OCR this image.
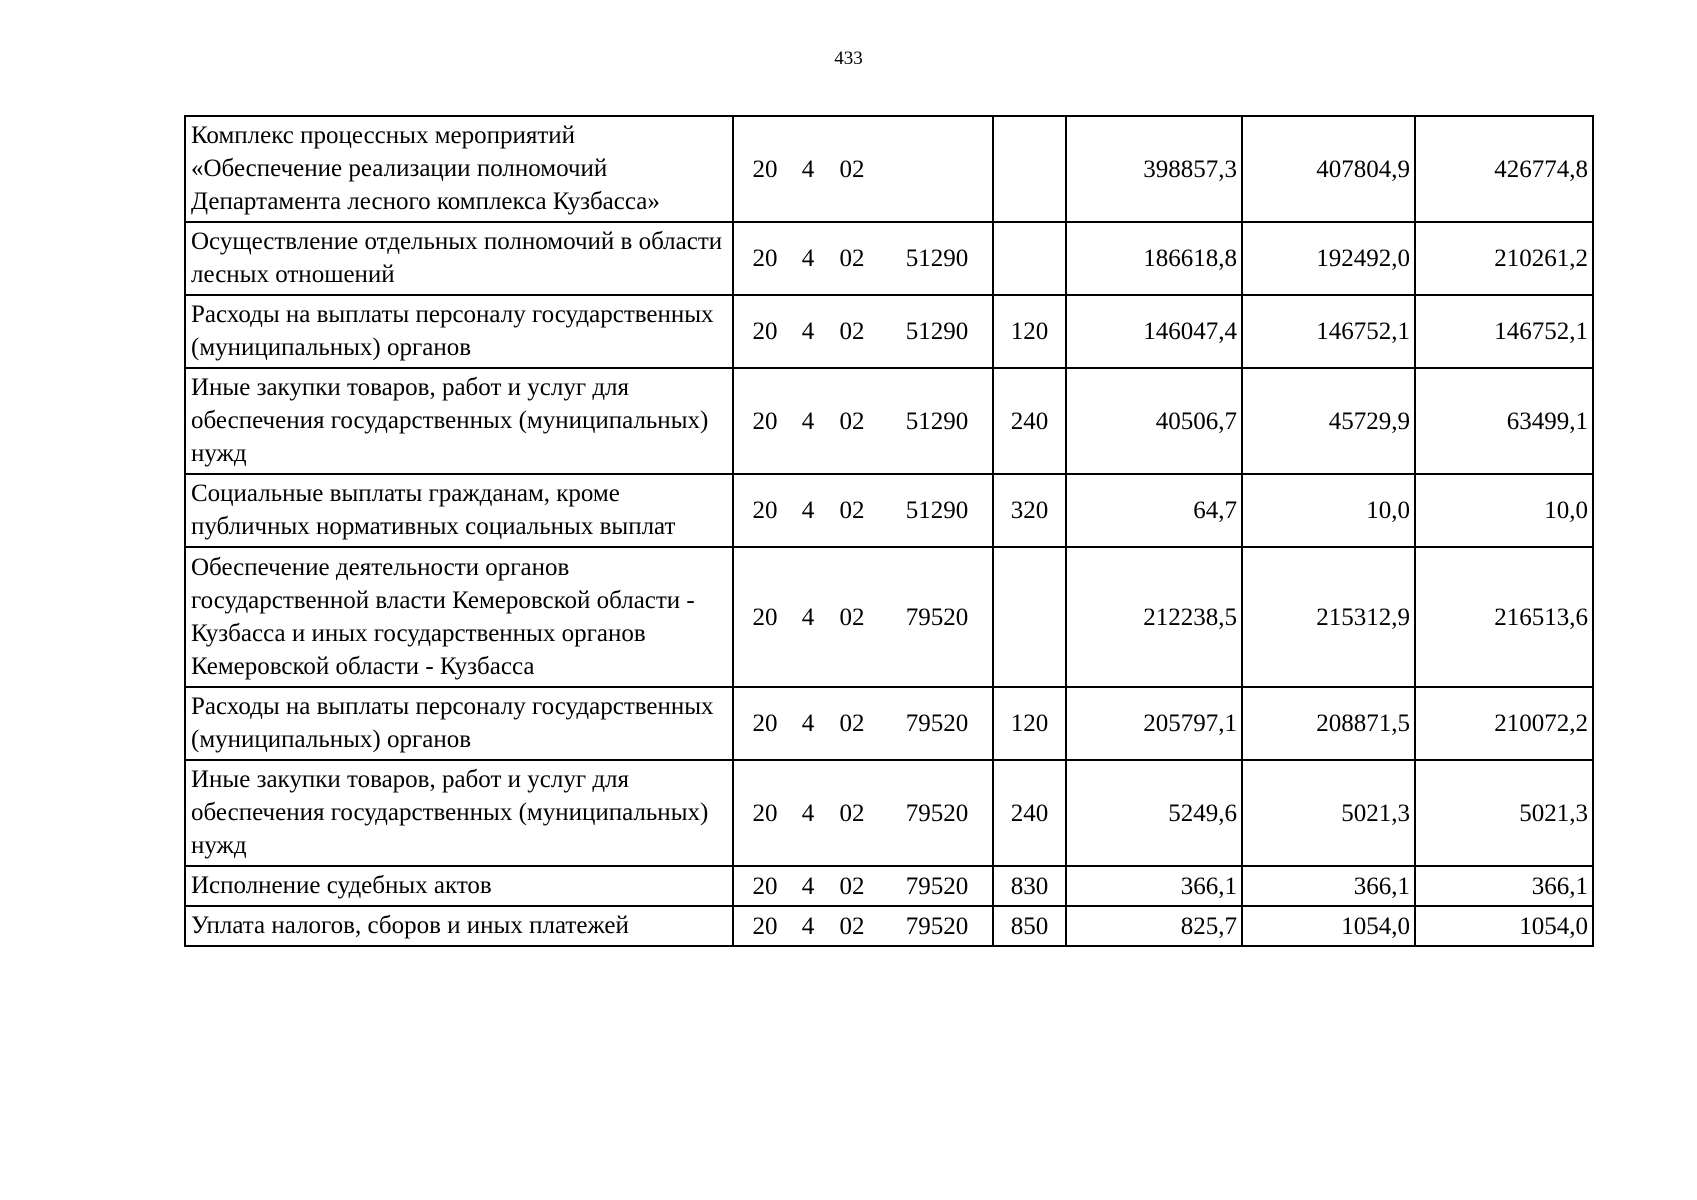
433
Комплекс процессных мероприятий «Обеспечение реализации полномочий Департамента лесного комплекса Кузбасса»	20 4 02		398857,3	407804,9	426774,8
Осуществление отдельных полномочий в области лесных отношений	20 4 02 51290		186618,8	192492,0	210261,2
Расходы на выплаты персоналу государственных (муниципальных) органов	20 4 02 51290	120	146047,4	146752,1	146752,1
Иные закупки товаров, работ и услуг для обеспечения государственных (муниципальных) нужд	20 4 02 51290	240	40506,7	45729,9	63499,1
Социальные выплаты гражданам, кроме публичных нормативных социальных выплат	20 4 02 51290	320	64,7	10,0	10,0
Обеспечение деятельности органов государственной власти Кемеровской области - Кузбасса и иных государственных органов Кемеровской области - Кузбасса	20 4 02 79520		212238,5	215312,9	216513,6
Расходы на выплаты персоналу государственных (муниципальных) органов	20 4 02 79520	120	205797,1	208871,5	210072,2
Иные закупки товаров, работ и услуг для обеспечения государственных (муниципальных) нужд	20 4 02 79520	240	5249,6	5021,3	5021,3
Исполнение судебных актов	20 4 02 79520	830	366,1	366,1	366,1
Уплата налогов, сборов и иных платежей	20 4 02 79520	850	825,7	1054,0	1054,0
